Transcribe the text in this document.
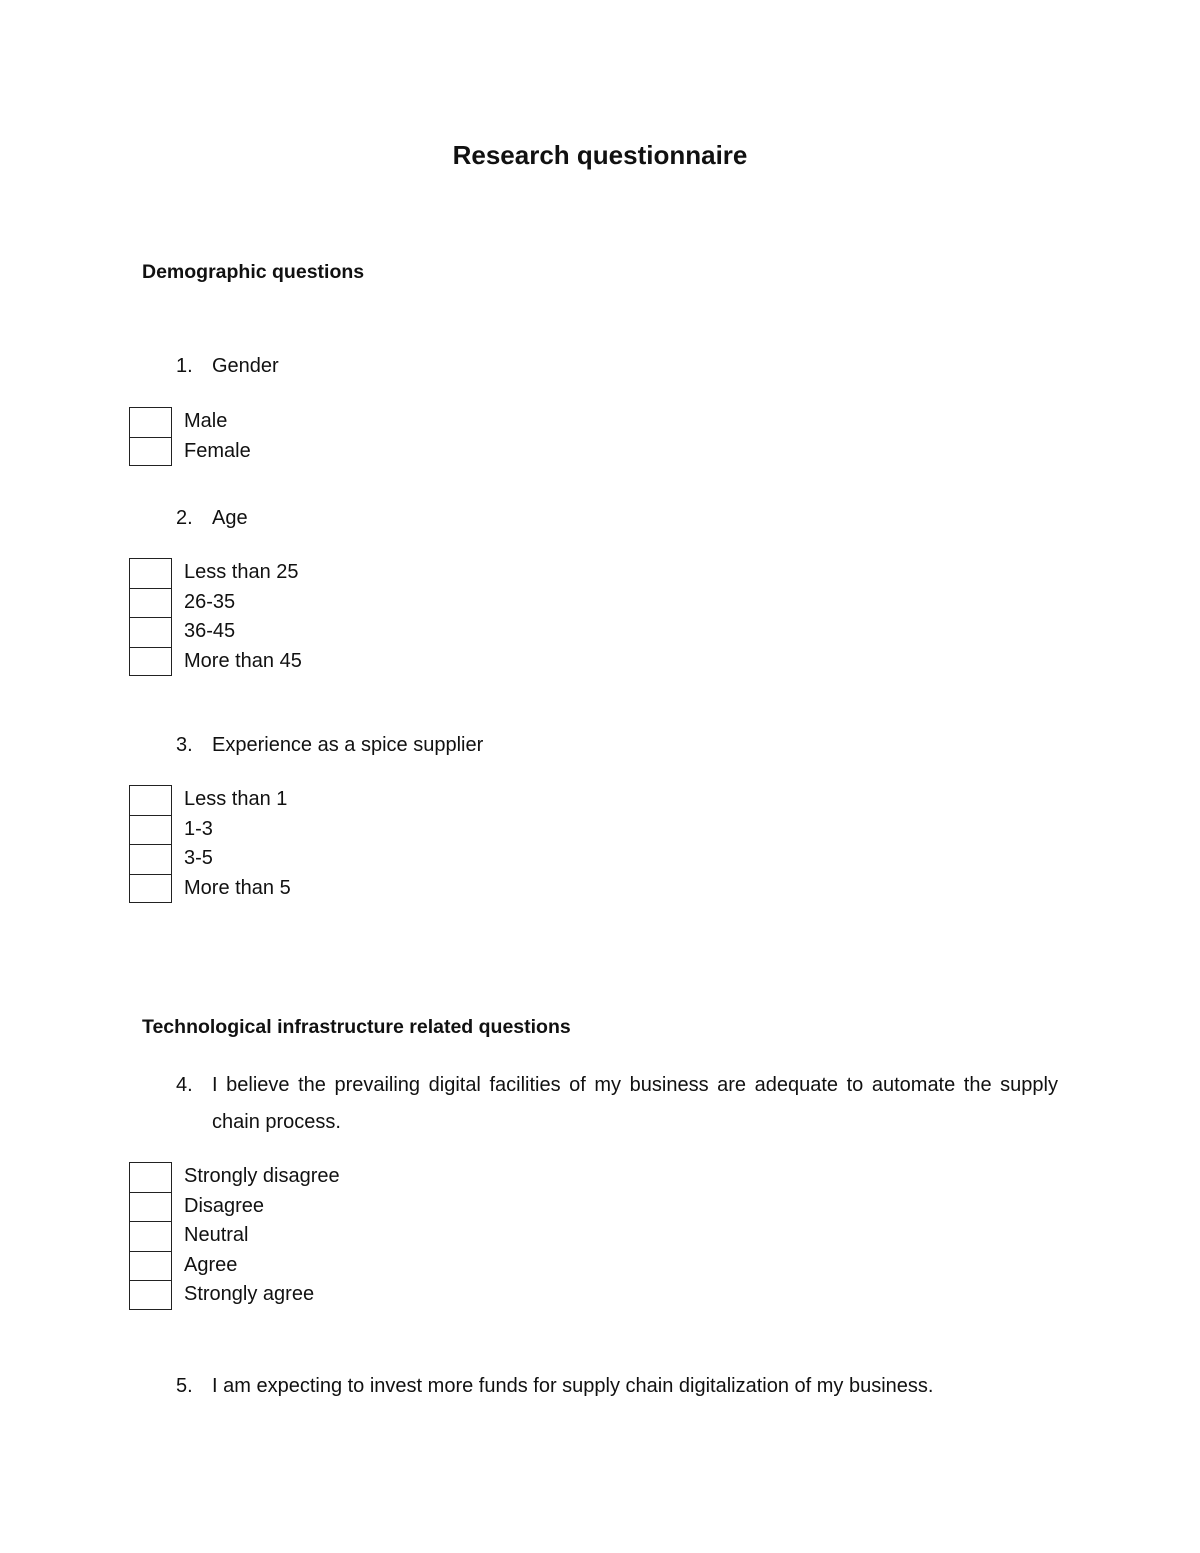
Research questionnaire
Demographic questions
1. Gender
Male
Female
2. Age
Less than 25
26-35
36-45
More than 45
3. Experience as a spice supplier
Less than 1
1-3
3-5
More than 5
Technological infrastructure related questions
4. I believe the prevailing digital facilities of my business are adequate to automate the supply chain process.
Strongly disagree
Disagree
Neutral
Agree
Strongly agree
5. I am expecting to invest more funds for supply chain digitalization of my business.
